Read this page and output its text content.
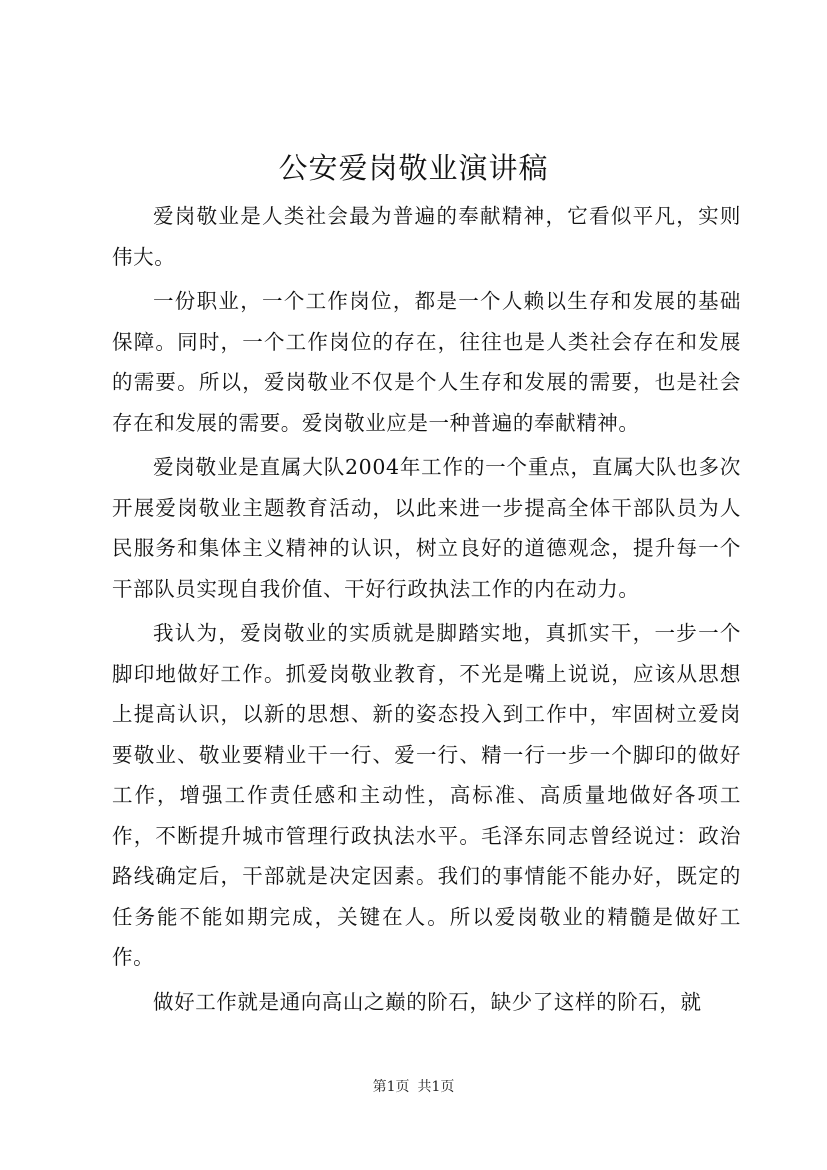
公安爱岗敬业演讲稿

爱岗敬业是人类社会最为普遍的奉献精神，它看似平凡，实则伟大。

一份职业，一个工作岗位，都是一个人赖以生存和发展的基础保障。同时，一个工作岗位的存在，往往也是人类社会存在和发展的需要。所以，爱岗敬业不仅是个人生存和发展的需要，也是社会存在和发展的需要。爱岗敬业应是一种普遍的奉献精神。

爱岗敬业是直属大队2004年工作的一个重点，直属大队也多次开展爱岗敬业主题教育活动，以此来进一步提高全体干部队员为人民服务和集体主义精神的认识，树立良好的道德观念，提升每一个干部队员实现自我价值、干好行政执法工作的内在动力。

我认为，爱岗敬业的实质就是脚踏实地，真抓实干，一步一个脚印地做好工作。抓爱岗敬业教育，不光是嘴上说说，应该从思想上提高认识，以新的思想、新的姿态投入到工作中，牢固树立爱岗要敬业、敬业要精业干一行、爱一行、精一行一步一个脚印的做好工作，增强工作责任感和主动性，高标准、高质量地做好各项工作，不断提升城市管理行政执法水平。毛泽东同志曾经说过：政治路线确定后，干部就是决定因素。我们的事情能不能办好，既定的任务能不能如期完成，关键在人。所以爱岗敬业的精髓是做好工作。

做好工作就是通向高山之巅的阶石，缺少了这样的阶石，就

第1页 共1页
